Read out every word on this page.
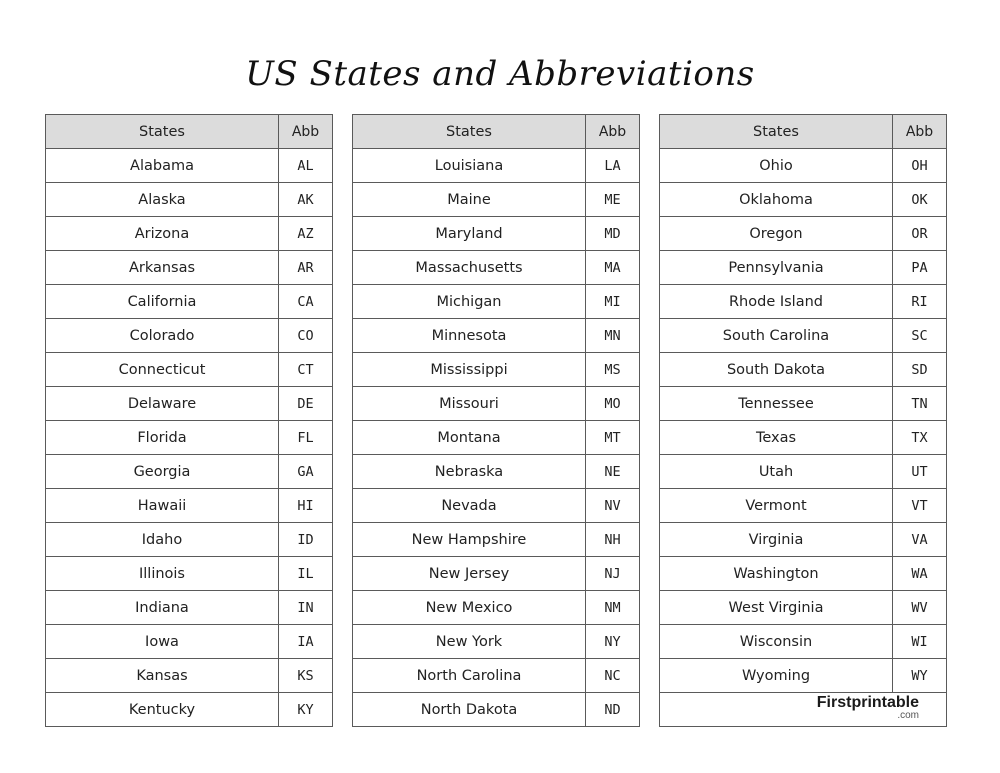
US States and Abbreviations
States	Abb
Alabama	AL
Alaska	AK
Arizona	AZ
Arkansas	AR
California	CA
Colorado	CO
Connecticut	CT
Delaware	DE
Florida	FL
Georgia	GA
Hawaii	HI
Idaho	ID
Illinois	IL
Indiana	IN
Iowa	IA
Kansas	KS
Kentucky	KY
States	Abb
Louisiana	LA
Maine	ME
Maryland	MD
Massachusetts	MA
Michigan	MI
Minnesota	MN
Mississippi	MS
Missouri	MO
Montana	MT
Nebraska	NE
Nevada	NV
New Hampshire	NH
New Jersey	NJ
New Mexico	NM
New York	NY
North Carolina	NC
North Dakota	ND
States	Abb
Ohio	OH
Oklahoma	OK
Oregon	OR
Pennsylvania	PA
Rhode Island	RI
South Carolina	SC
South Dakota	SD
Tennessee	TN
Texas	TX
Utah	UT
Vermont	VT
Virginia	VA
Washington	WA
West Virginia	WV
Wisconsin	WI
Wyoming	WY

Firstprintable
.com	
